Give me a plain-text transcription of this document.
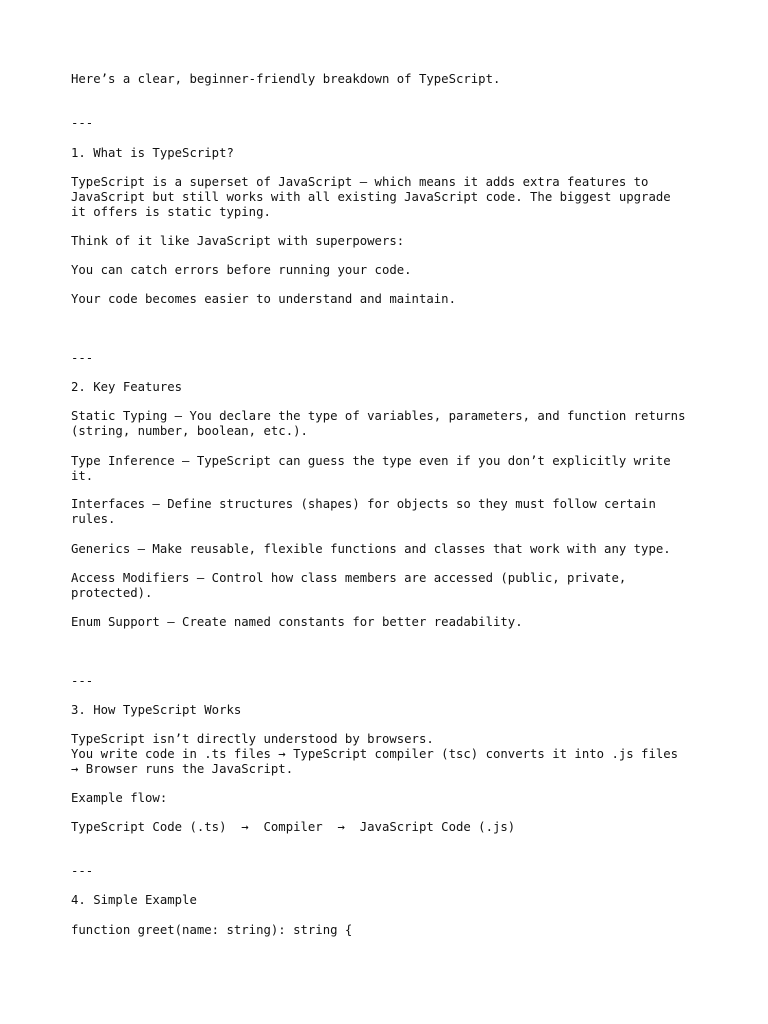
Here’s a clear, beginner-friendly breakdown of TypeScript.

---

1. What is TypeScript?

TypeScript is a superset of JavaScript — which means it adds extra features to

JavaScript but still works with all existing JavaScript code. The biggest upgrade

it offers is static typing.

Think of it like JavaScript with superpowers:

You can catch errors before running your code.

Your code becomes easier to understand and maintain.

---

2. Key Features

Static Typing – You declare the type of variables, parameters, and function returns

(string, number, boolean, etc.).

Type Inference – TypeScript can guess the type even if you don’t explicitly write

it.

Interfaces – Define structures (shapes) for objects so they must follow certain

rules.

Generics – Make reusable, flexible functions and classes that work with any type.

Access Modifiers – Control how class members are accessed (public, private,

protected).

Enum Support – Create named constants for better readability.

---

3. How TypeScript Works

TypeScript isn’t directly understood by browsers.

You write code in .ts files → TypeScript compiler (tsc) converts it into .js files

→ Browser runs the JavaScript.

Example flow:

TypeScript Code (.ts)  →  Compiler  →  JavaScript Code (.js)

---

4. Simple Example

function greet(name: string): string {
